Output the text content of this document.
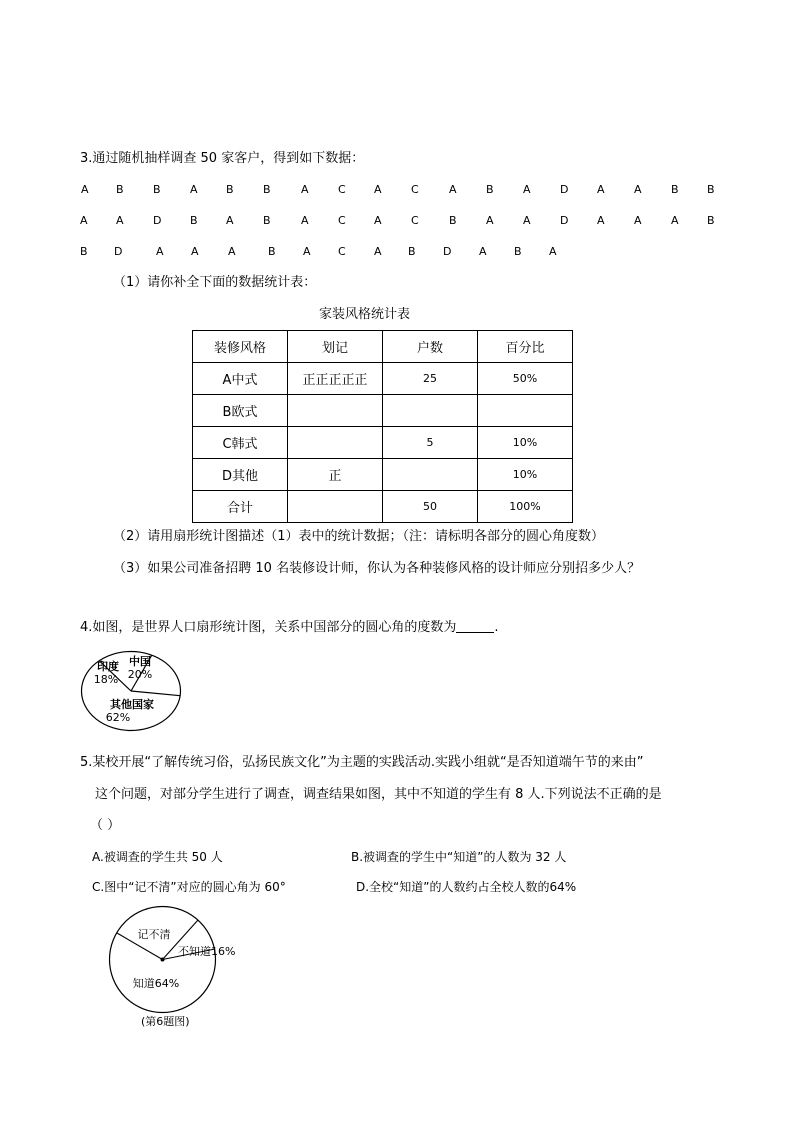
3.通过随机抽样调查 50 家客户，得到如下数据：
A B	B	A	B	B	A	C	A	C	A	B	A	D	A	A	B	B
A	A	D	B	A	B	A	C	A	C	B	A	A	D	A	A	A	B
B D	A A	A	B A C	A B D	A B A
（1）请你补全下面的数据统计表：
家装风格统计表
装修风格	划记	户数	百分比
A中式	正正正正正	25	50%
B欧式			
C韩式		5	10%
D其他	正		10%
合计		50	100%
（2）请用扇形统计图描述（1）表中的统计数据；（注：请标明各部分的圆心角度数）
（3）如果公司准备招聘 10 名装修设计师，你认为各种装修风格的设计师应分别招多少人？
4.如图，是世界人口扇形统计图，关系中国部分的圆心角的度数为	.
印度
18%
中国
20%
其他国家
62%
5.某校开展“了解传统习俗，弘扬民族文化”为主题的实践活动.实践小组就“是否知道端午节的来由”
这个问题，对部分学生进行了调查，调查结果如图，其中不知道的学生有 8 人.下列说法不正确的是
（ ）
A.被调查的学生共 50 人	B.被调查的学生中“知道”的人数为 32 人
C.图中“记不清”对应的圆心角为 60°	D.全校“知道”的人数约占全校人数的64%
记不清
不知道16%
知道64%
(第6题图)
